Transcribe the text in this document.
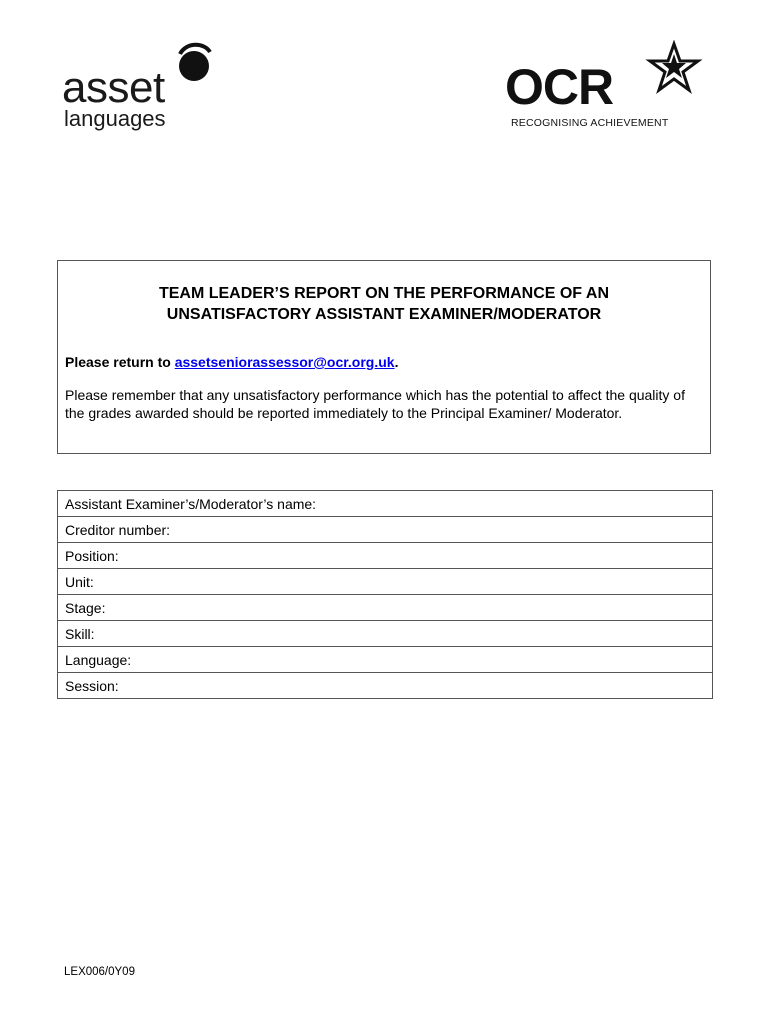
asset
languages
OCR
RECOGNISING ACHIEVEMENT
TEAM LEADER’S REPORT ON THE PERFORMANCE OF AN
UNSATISFACTORY ASSISTANT EXAMINER/MODERATOR
Please return to assetseniorassessor@ocr.org.uk.
Please remember that any unsatisfactory performance which has the potential to affect the quality of the grades awarded should be reported immediately to the Principal Examiner/ Moderator.
Assistant Examiner’s/Moderator’s name:
Creditor number:
Position:
Unit:
Stage:
Skill:
Language:
Session:
LEX006/0Y09
